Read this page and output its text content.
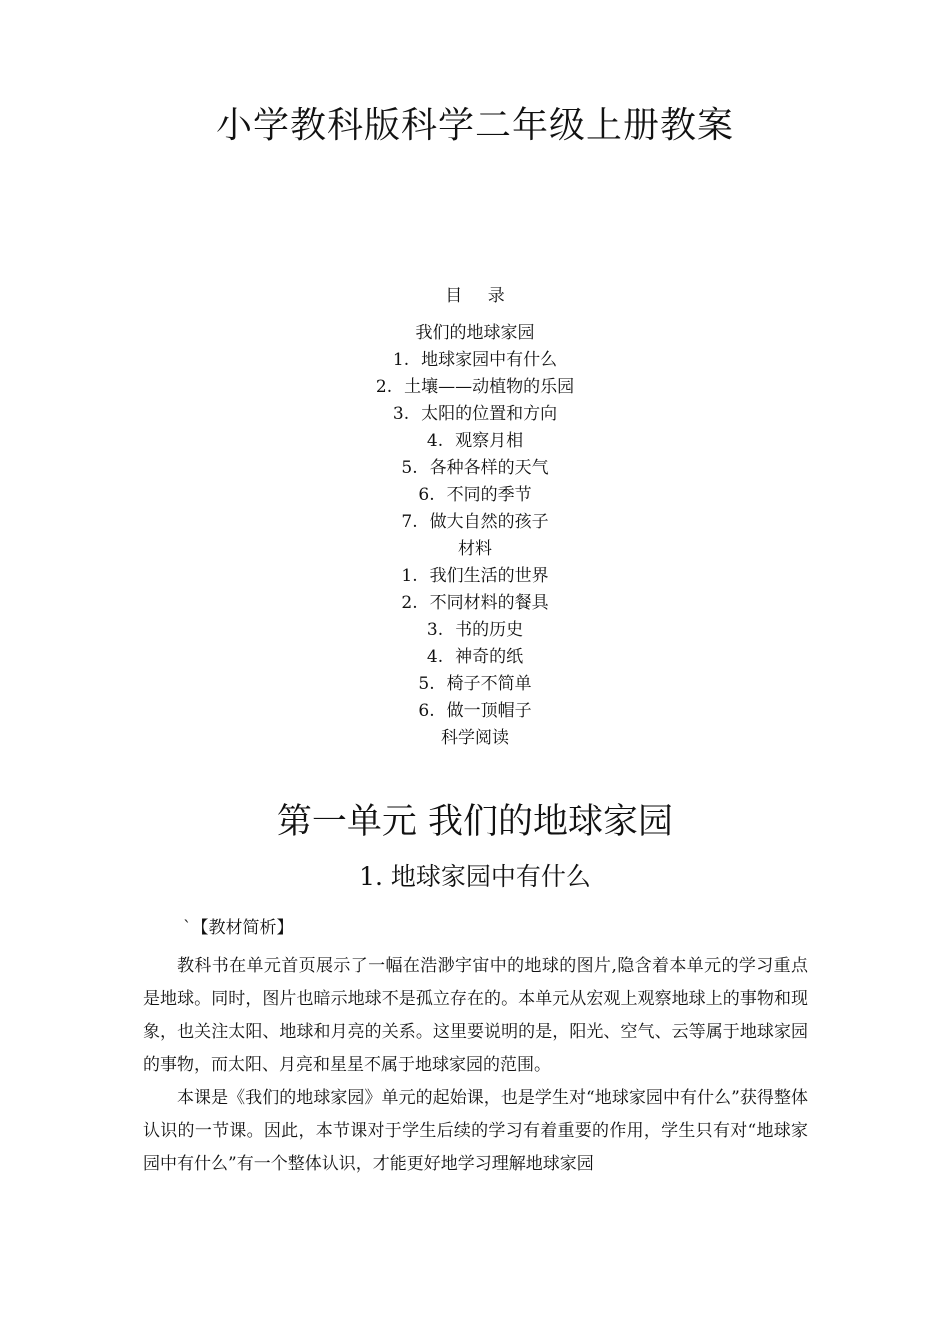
小学教科版科学二年级上册教案
目 录
我们的地球家园
1. 地球家园中有什么
2. 土壤——动植物的乐园
3. 太阳的位置和方向
4. 观察月相
5. 各种各样的天气
6. 不同的季节
7. 做大自然的孩子
材料
1. 我们生活的世界
2. 不同材料的餐具
3. 书的历史
4. 神奇的纸
5. 椅子不简单
6. 做一顶帽子
科学阅读
第一单元 我们的地球家园
1. 地球家园中有什么
`【教材简析】

教科书在单元首页展示了一幅在浩渺宇宙中的地球的图片,隐含着本单元的学习重点是地球。同时，图片也暗示地球不是孤立存在的。本单元从宏观上观察地球上的事物和现象，也关注太阳、地球和月亮的关系。这里要说明的是，阳光、空气、云等属于地球家园的事物，而太阳、月亮和星星不属于地球家园的范围。

本课是《我们的地球家园》单元的起始课，也是学生对“地球家园中有什么”获得整体认识的一节课。因此，本节课对于学生后续的学习有着重要的作用，学生只有对“地球家园中有什么”有一个整体认识，才能更好地学习理解地球家园
